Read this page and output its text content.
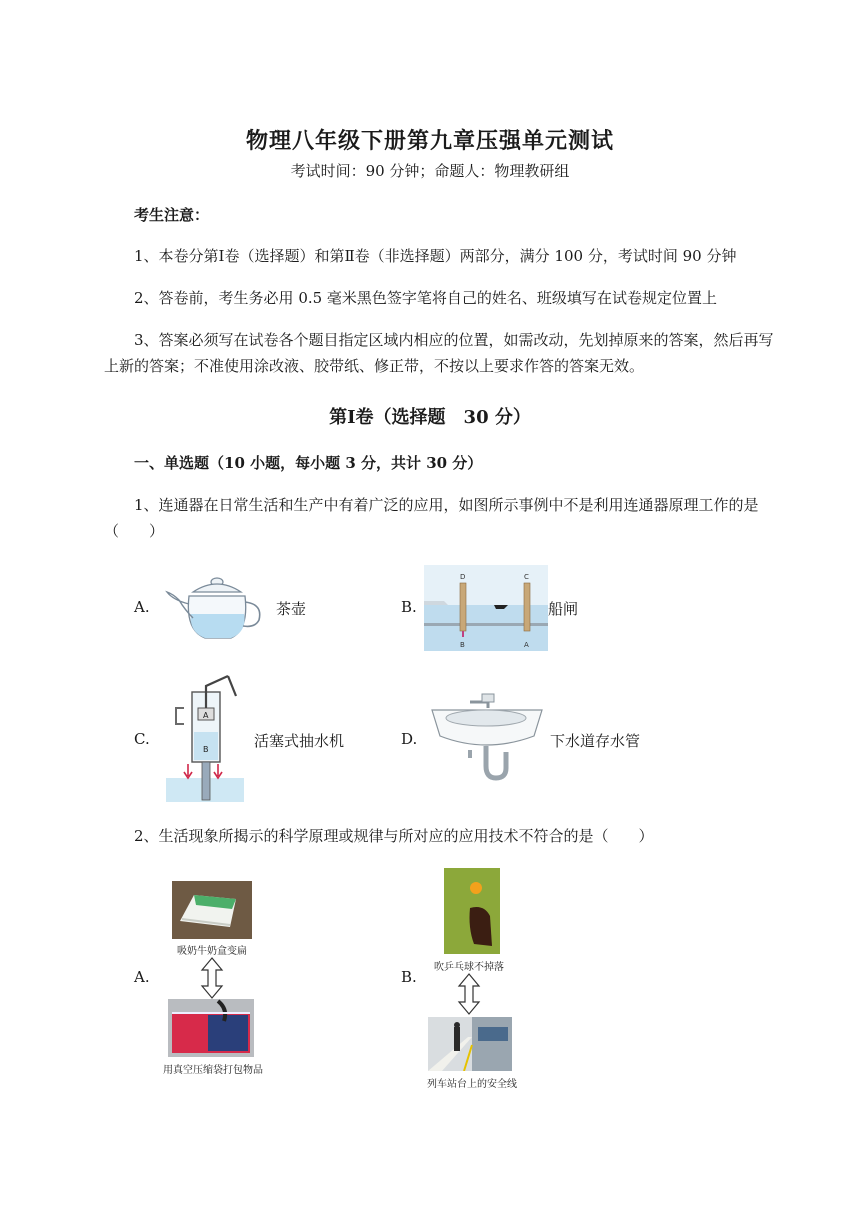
物理八年级下册第九章压强单元测试
考试时间：90 分钟；命题人：物理教研组
考生注意：
1、本卷分第Ⅰ卷（选择题）和第Ⅱ卷（非选择题）两部分，满分 100 分，考试时间 90 分钟
2、答卷前，考生务必用 0.5 毫米黑色签字笔将自己的姓名、班级填写在试卷规定位置上
3、答案必须写在试卷各个题目指定区域内相应的位置，如需改动，先划掉原来的答案，然后再写
上新的答案；不准使用涂改液、胶带纸、修正带，不按以上要求作答的答案无效。
第Ⅰ卷（选择题　30 分）
一、单选题（10 小题，每小题 3 分，共计 30 分）
1、连通器在日常生活和生产中有着广泛的应用，如图所示事例中不是利用连通器原理工作的是
（　　）
A.	茶壶	B.
D	C
B	A
船闸
C.
A
B	活塞式抽水机	D.	下水道存水管
2、生活现象所揭示的科学原理或规律与所对应的应用技术不符合的是（　　）
A.
吸奶牛奶盒变扁
用真空压缩袋打包物品
B.
吹乒乓球不掉落
列车站台上的安全线
